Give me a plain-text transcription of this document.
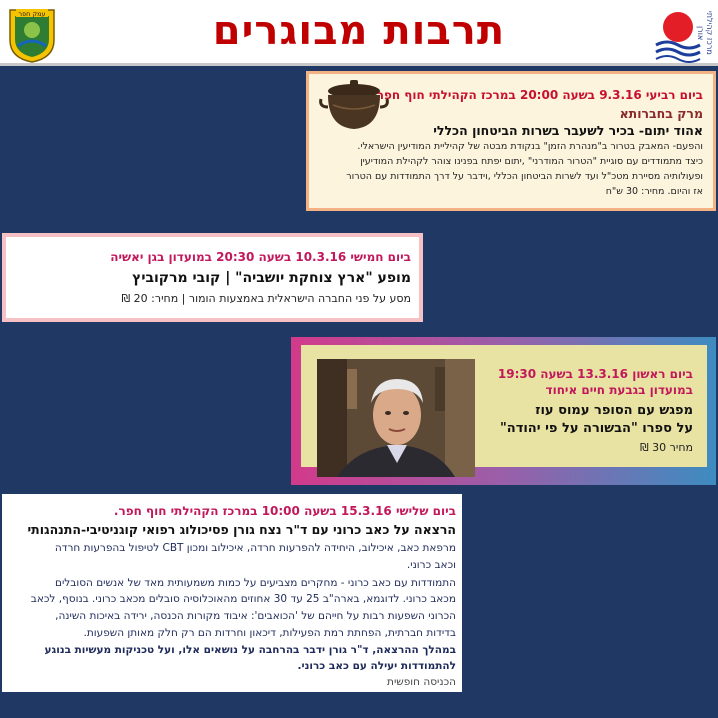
עמק חפר	תרבות מבוגרים	מרכז קהילתי אורן
ביום רביעי 9.3.16 בשעה 20:00 במרכז הקהילתי חוף חפר
מרק בחברותא
אהוד יתום- בכיר לשעבר בשרות הביטחון הכללי
והפעם- המאבק בטרור ב"מנהרת הזמן" בנקודת מבטה של קהיליית המודיעין הישראלי.
כיצד מתמודדים עם סוגיית "הטרור המודרני" ,יתום יפתח בפנינו צוהר לקהילת המודיעין
ופעולותיה מסיירת מטכ"ל ועד לשרות הביטחון הכללי ,וידבר על דרך התמודדות עם הטרור
אז והיום. מחיר: 30 ש"ח
ביום חמישי 10.3.16 בשעה 20:30 במועדון בגן יאשיה
מופע "ארץ צוחקת יושביה" | קובי מרקוביץ
מסע על פני החברה הישראלית באמצעות הומור | מחיר: 20 ₪
ביום ראשון 13.3.16 בשעה 19:30
במועדון בגבעת חיים איחוד
מפגש עם הסופר עמוס עוז
על ספרו "הבשורה על פי יהודה"
מחיר 30 ₪
ביום שלישי 15.3.16 בשעה 10:00 במרכז הקהילתי חוף חפר.
הרצאה על כאב כרוני עם ד"ר נצח גורן פסיכולוג רפואי קוגניטיבי-התנהגותי
מרפאת כאב, איכילוב, היחידה להפרעות חרדה, איכילוב ומכון CBT לטיפול בהפרעות חרדה
וכאב כרוני.
התמודדות עם כאב כרוני - מחקרים מצביעים על כמות משמעותית מאד של אנשים הסובלים
מכאב כרוני. לדוגמא, בארה"ב 25 עד 30 אחוזים מהאוכלוסיה סובלים מכאב כרוני. בנוסף, לכאב
הכרוני השפעות רבות על חייהם של 'הכואבים': איבוד מקורות הכנסה, ירידה באיכות השינה,
בדידות חברתית, הפחתת רמת הפעילות, דיכאון וחרדות הם רק חלק מאותן השפעות.
במהלך ההרצאה, ד"ר גורן ידבר בהרחבה על נושאים אלו, ועל טכניקות מעשיות בנוגע
להתמודדות יעילה עם כאב כרוני.
הכניסה חופשית
